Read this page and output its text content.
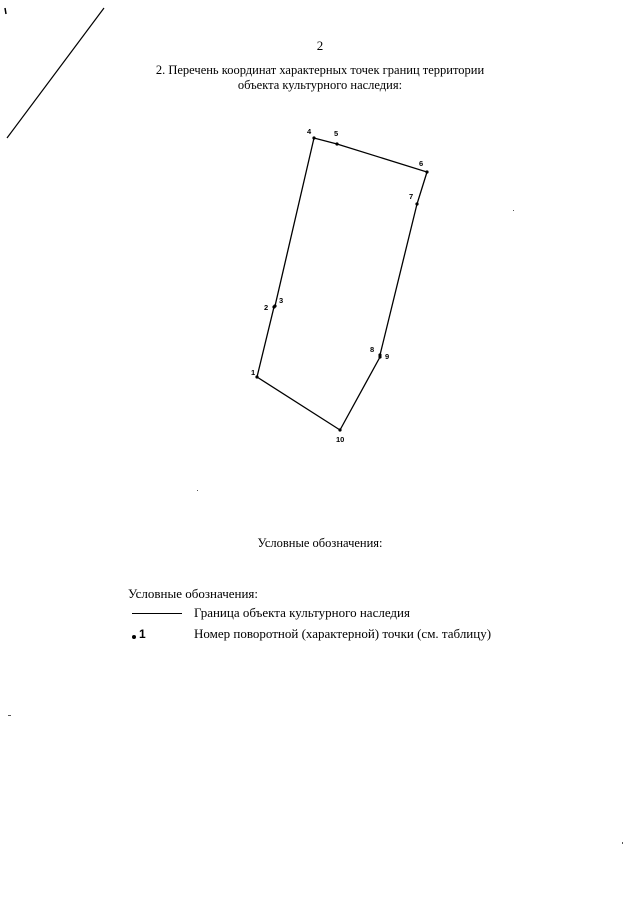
2
2. Перечень координат характерных точек границ территории
объекта культурного наследия:
1
2
3
4	5
6
7
8
9
10
Условные обозначения:
Условные обозначения:
Граница объекта культурного наследия
1	Номер поворотной (характерной) точки (см. таблицу)
